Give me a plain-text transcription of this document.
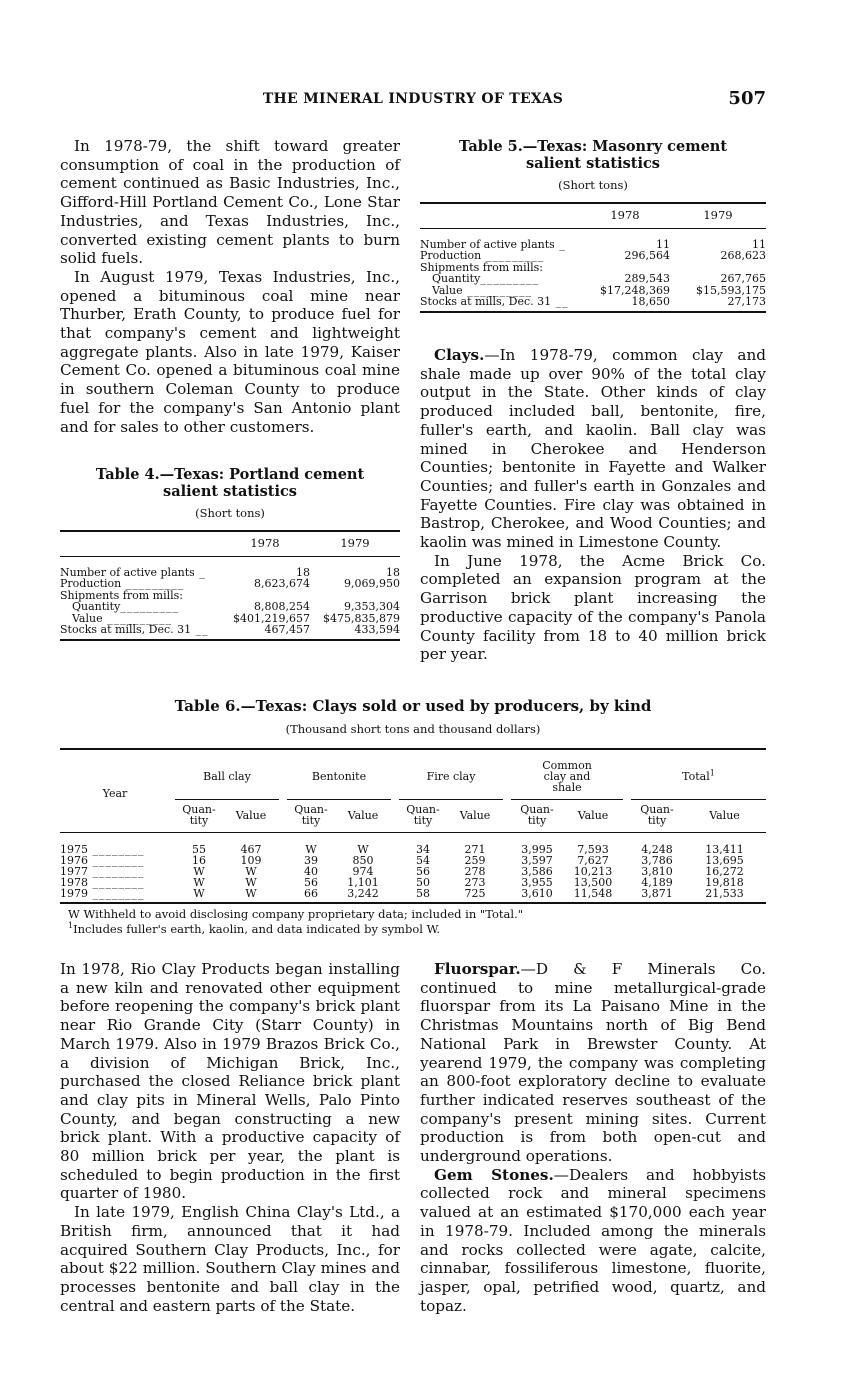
THE MINERAL INDUSTRY OF TEXAS	507

In 1978-79, the shift toward greater consumption of coal in the production of cement continued as Basic Industries, Inc., Gifford-Hill Portland Cement Co., Lone Star Industries, and Texas Industries, Inc., converted existing cement plants to burn solid fuels.

In August 1979, Texas Industries, Inc., opened a bituminous coal mine near Thurber, Erath County, to produce fuel for that company's cement and lightweight aggregate plants. Also in late 1979, Kaiser Cement Co. opened a bituminous coal mine in southern Coleman County to produce fuel for the company's San Antonio plant and for sales to other customers.

Table 4.—Texas: Portland cement salient statistics

(Short tons)
	1978	1979
Number of active plants _	18	18
Production _________	8,623,674	9,069,950
Shipments from mills:		
Quantity_________	8,808,254	9,353,304
Value __________	$401,219,657	$475,835,879
Stocks at mills, Dec. 31 __	467,457	433,594

Table 5.—Texas: Masonry cement salient statistics

(Short tons)
	1978	1979
Number of active plants _	11	11
Production _________	296,564	268,623
Shipments from mills:		
Quantity_________	289,543	267,765
Value __________	$17,248,369	$15,593,175
Stocks at mills, Dec. 31 __	18,650	27,173

Clays.—In 1978-79, common clay and shale made up over 90% of the total clay output in the State. Other kinds of clay produced included ball, bentonite, fire, fuller's earth, and kaolin. Ball clay was mined in Cherokee and Henderson Counties; bentonite in Fayette and Walker Counties; and fuller's earth in Gonzales and Fayette Counties. Fire clay was obtained in Bastrop, Cherokee, and Wood Counties; and kaolin was mined in Limestone County.

In June 1978, the Acme Brick Co. completed an expansion program at the Garrison brick plant increasing the productive capacity of the company's Panola County facility from 18 to 40 million brick per year.

Table 6.—Texas: Clays sold or used by producers, by kind
(Thousand short tons and thousand dollars)
Year		Ball clay			Bentonite			Fire clay			Common clay and shale			Total$^1$
		Quan-
tity	Value		Quan-
tity	Value		Quan-
tity	Value		Quan-
tity	Value		Quan-
tity	Value
1975 ________		55	467		W	W		34	271		3,995	7,593		4,248	13,411
1976 ________		16	109		39	850		54	259		3,597	7,627		3,786	13,695
1977 ________		W	W		40	974		56	278		3,586	10,213		3,810	16,272
1978 ________		W	W		56	1,101		50	273		3,955	13,500		4,189	19,818
1979 ________		W	W		66	3,242		58	725		3,610	11,548		3,871	21,533
W Withheld to avoid disclosing company proprietary data; included in "Total."
$^1$Includes fuller's earth, kaolin, and data indicated by symbol W.

In 1978, Rio Clay Products began installing a new kiln and renovated other equipment before reopening the company's brick plant near Rio Grande City (Starr County) in March 1979. Also in 1979 Brazos Brick Co., a division of Michigan Brick, Inc., purchased the closed Reliance brick plant and clay pits in Mineral Wells, Palo Pinto County, and began constructing a new brick plant. With a productive capacity of 80 million brick per year, the plant is scheduled to begin production in the first quarter of 1980.

In late 1979, English China Clay's Ltd., a British firm, announced that it had acquired Southern Clay Products, Inc., for about $22 million. Southern Clay mines and processes bentonite and ball clay in the central and eastern parts of the State.

Fluorspar.—D & F Minerals Co. continued to mine metallurgical-grade fluorspar from its La Paisano Mine in the Christmas Mountains north of Big Bend National Park in Brewster County. At yearend 1979, the company was completing an 800-foot exploratory decline to evaluate further indicated reserves southeast of the company's present mining sites. Current production is from both open-cut and underground operations.

Gem Stones.—Dealers and hobbyists collected rock and mineral specimens valued at an estimated $170,000 each year in 1978-79. Included among the minerals and rocks collected were agate, calcite, cinnabar, fossiliferous limestone, fluorite, jasper, opal, petrified wood, quartz, and topaz.
